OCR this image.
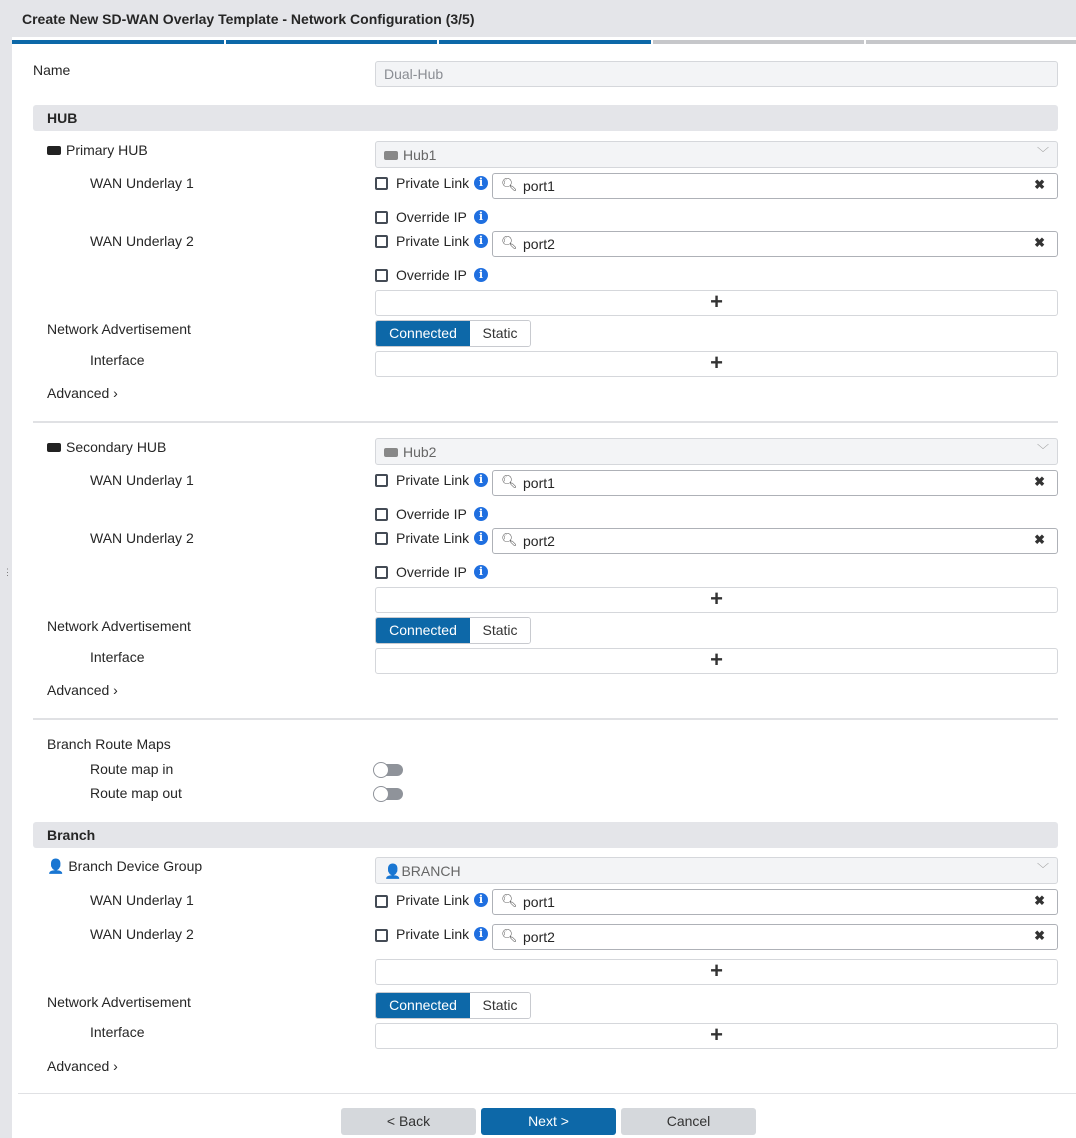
⋮
Create New SD-WAN Overlay Template - Network Configuration (3/5)
Name	Dual-Hub
HUB
Primary HUB	Hub1	﹀
WAN Underlay 1	Private Link i	🔍︎ port1	✖
Override IP	i
WAN Underlay 2	Private Link i	🔍︎ port2	✖
Override IP	i
+
Network Advertisement	Connected	Static
Interface	+
Advanced ›
Secondary HUB	Hub2	﹀
WAN Underlay 1	Private Link i	🔍︎ port1	✖
Override IP	i
WAN Underlay 2	Private Link i	🔍︎ port2	✖
Override IP	i
+
Network Advertisement	Connected	Static
Interface	+
Advanced ›
Branch Route Maps
Route map in
Route map out
Branch
👤 Branch Device Group	👤BRANCH	﹀
WAN Underlay 1	Private Link i	🔍︎ port1	✖
WAN Underlay 2	Private Link i	🔍︎ port2	✖
+
Network Advertisement	Connected	Static
Interface	+
Advanced ›
< Back	Next >	Cancel
